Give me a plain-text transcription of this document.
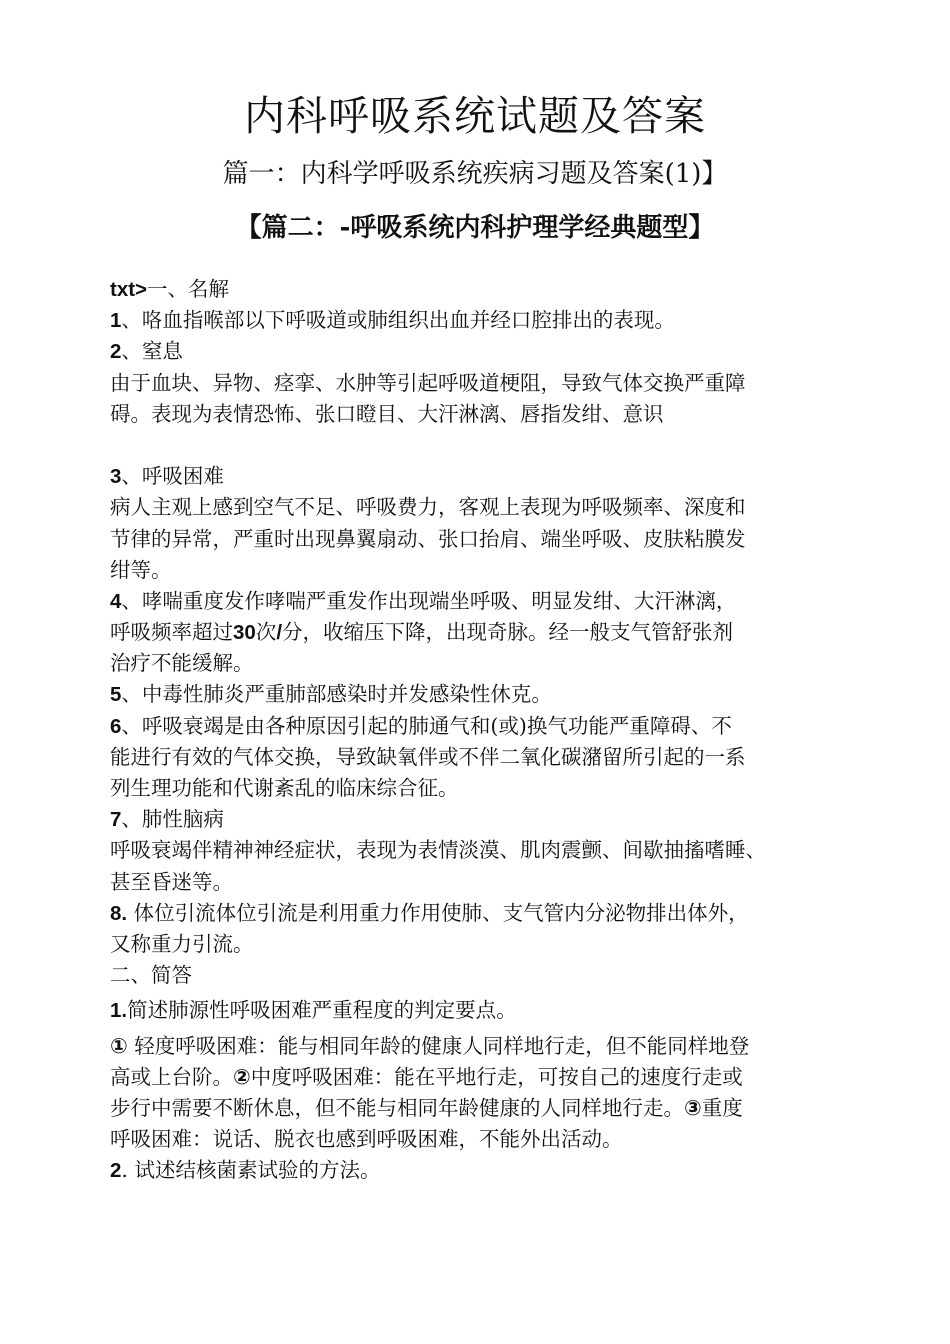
内科呼吸系统试题及答案
篇一：内科学呼吸系统疾病习题及答案(1)】
【篇二：-呼吸系统内科护理学经典题型】
txt>一、名解
1、咯血指喉部以下呼吸道或肺组织出血并经口腔排出的表现。
2、窒息
由于血块、异物、痉挛、水肿等引起呼吸道梗阻，导致气体交换严重障
碍。表现为表情恐怖、张口瞪目、大汗淋漓、唇指发绀、意识
3、呼吸困难
病人主观上感到空气不足、呼吸费力，客观上表现为呼吸频率、深度和
节律的异常，严重时出现鼻翼扇动、张口抬肩、端坐呼吸、皮肤粘膜发
绀等。
4、哮喘重度发作哮喘严重发作出现端坐呼吸、明显发绀、大汗淋漓，
呼吸频率超过30次/分，收缩压下降，出现奇脉。经一般支气管舒张剂
治疗不能缓解。
5、中毒性肺炎严重肺部感染时并发感染性休克。
6、呼吸衰竭是由各种原因引起的肺通气和(或)换气功能严重障碍、不
能进行有效的气体交换，导致缺氧伴或不伴二氧化碳潴留所引起的一系
列生理功能和代谢紊乱的临床综合征。
7、肺性脑病
呼吸衰竭伴精神神经症状，表现为表情淡漠、肌肉震颤、间歇抽搐嗜睡、
甚至昏迷等。
8. 体位引流体位引流是利用重力作用使肺、支气管内分泌物排出体外，
又称重力引流。
二、简答
1.简述肺源性呼吸困难严重程度的判定要点。
① 轻度呼吸困难：能与相同年龄的健康人同样地行走，但不能同样地登
高或上台阶。②中度呼吸困难：能在平地行走，可按自己的速度行走或
步行中需要不断休息，但不能与相同年龄健康的人同样地行走。③重度
呼吸困难：说话、脱衣也感到呼吸困难，不能外出活动。
2. 试述结核菌素试验的方法。
